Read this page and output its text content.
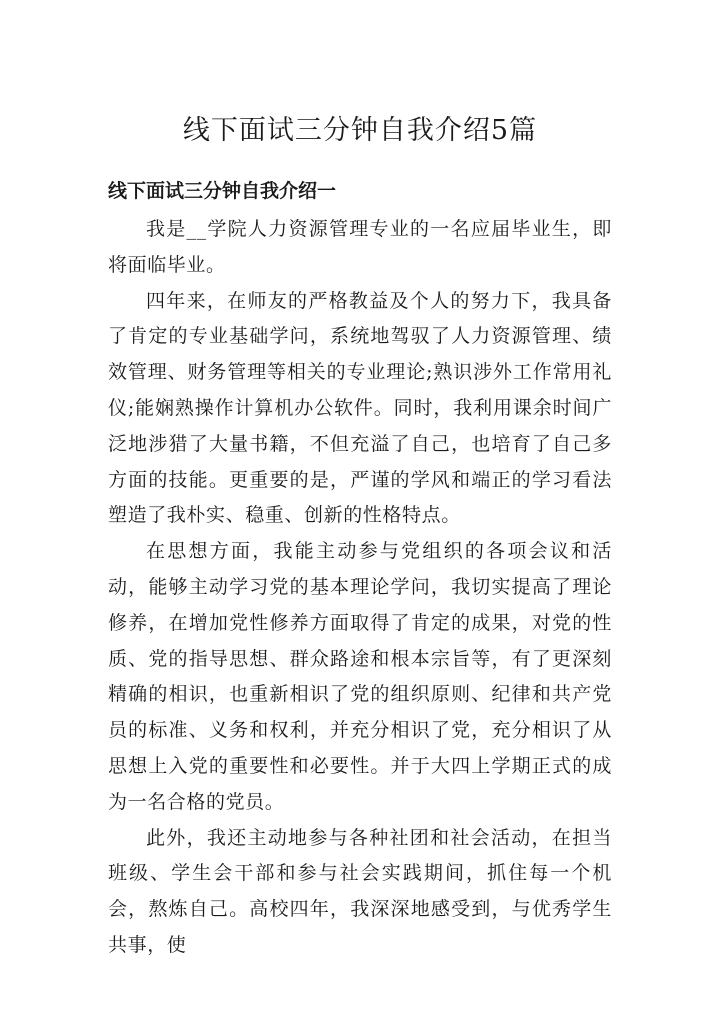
线下面试三分钟自我介绍5篇
线下面试三分钟自我介绍一

我是__学院人力资源管理专业的一名应届毕业生，即将面临毕业。

四年来，在师友的严格教益及个人的努力下，我具备了肯定的专业基础学问，系统地驾驭了人力资源管理、绩效管理、财务管理等相关的专业理论;熟识涉外工作常用礼仪;能娴熟操作计算机办公软件。同时，我利用课余时间广泛地涉猎了大量书籍，不但充溢了自己，也培育了自己多方面的技能。更重要的是，严谨的学风和端正的学习看法塑造了我朴实、稳重、创新的性格特点。

在思想方面，我能主动参与党组织的各项会议和活动，能够主动学习党的基本理论学问，我切实提高了理论修养，在增加党性修养方面取得了肯定的成果，对党的性质、党的指导思想、群众路途和根本宗旨等，有了更深刻精确的相识，也重新相识了党的组织原则、纪律和共产党员的标准、义务和权利，并充分相识了党，充分相识了从思想上入党的重要性和必要性。并于大四上学期正式的成为一名合格的党员。

此外，我还主动地参与各种社团和社会活动，在担当班级、学生会干部和参与社会实践期间，抓住每一个机会，熬炼自己。高校四年，我深深地感受到，与优秀学生共事，使
